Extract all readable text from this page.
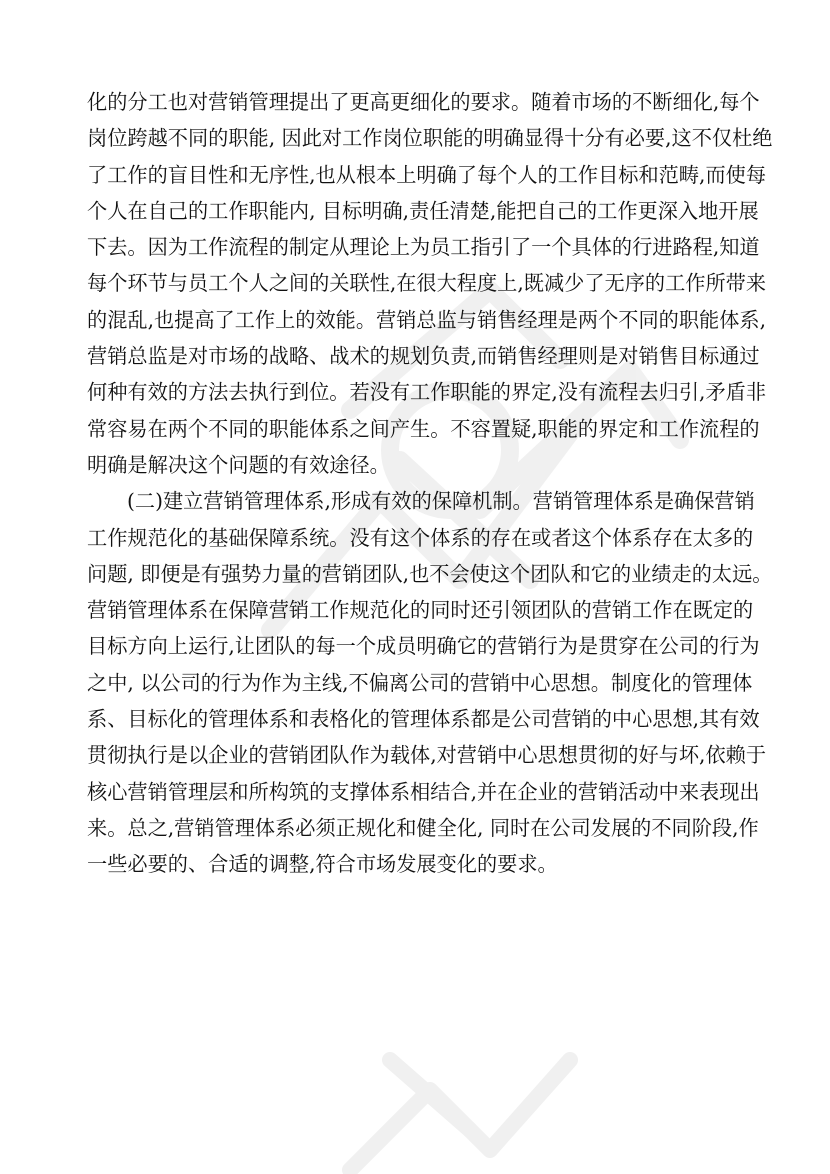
化的分工也对营销管理提出了更高更细化的要求。随着市场的不断细化,每个
岗位跨越不同的职能, 因此对工作岗位职能的明确显得十分有必要,这不仅杜绝
了工作的盲目性和无序性,也从根本上明确了每个人的工作目标和范畴,而使每
个人在自己的工作职能内, 目标明确,责任清楚,能把自己的工作更深入地开展
下去。因为工作流程的制定从理论上为员工指引了一个具体的行进路程,知道
每个环节与员工个人之间的关联性,在很大程度上,既减少了无序的工作所带来
的混乱,也提高了工作上的效能。营销总监与销售经理是两个不同的职能体系,
营销总监是对市场的战略、战术的规划负责,而销售经理则是对销售目标通过
何种有效的方法去执行到位。若没有工作职能的界定,没有流程去归引,矛盾非
常容易在两个不同的职能体系之间产生。不容置疑,职能的界定和工作流程的
明确是解决这个问题的有效途径。
(二)建立营销管理体系,形成有效的保障机制。营销管理体系是确保营销
工作规范化的基础保障系统。没有这个体系的存在或者这个体系存在太多的
问题, 即便是有强势力量的营销团队,也不会使这个团队和它的业绩走的太远。
营销管理体系在保障营销工作规范化的同时还引领团队的营销工作在既定的
目标方向上运行,让团队的每一个成员明确它的营销行为是贯穿在公司的行为
之中, 以公司的行为作为主线,不偏离公司的营销中心思想。制度化的管理体
系、目标化的管理体系和表格化的管理体系都是公司营销的中心思想,其有效
贯彻执行是以企业的营销团队作为载体,对营销中心思想贯彻的好与坏,依赖于
核心营销管理层和所构筑的支撑体系相结合,并在企业的营销活动中来表现出
来。总之,营销管理体系必须正规化和健全化, 同时在公司发展的不同阶段,作
一些必要的、合适的调整,符合市场发展变化的要求。
